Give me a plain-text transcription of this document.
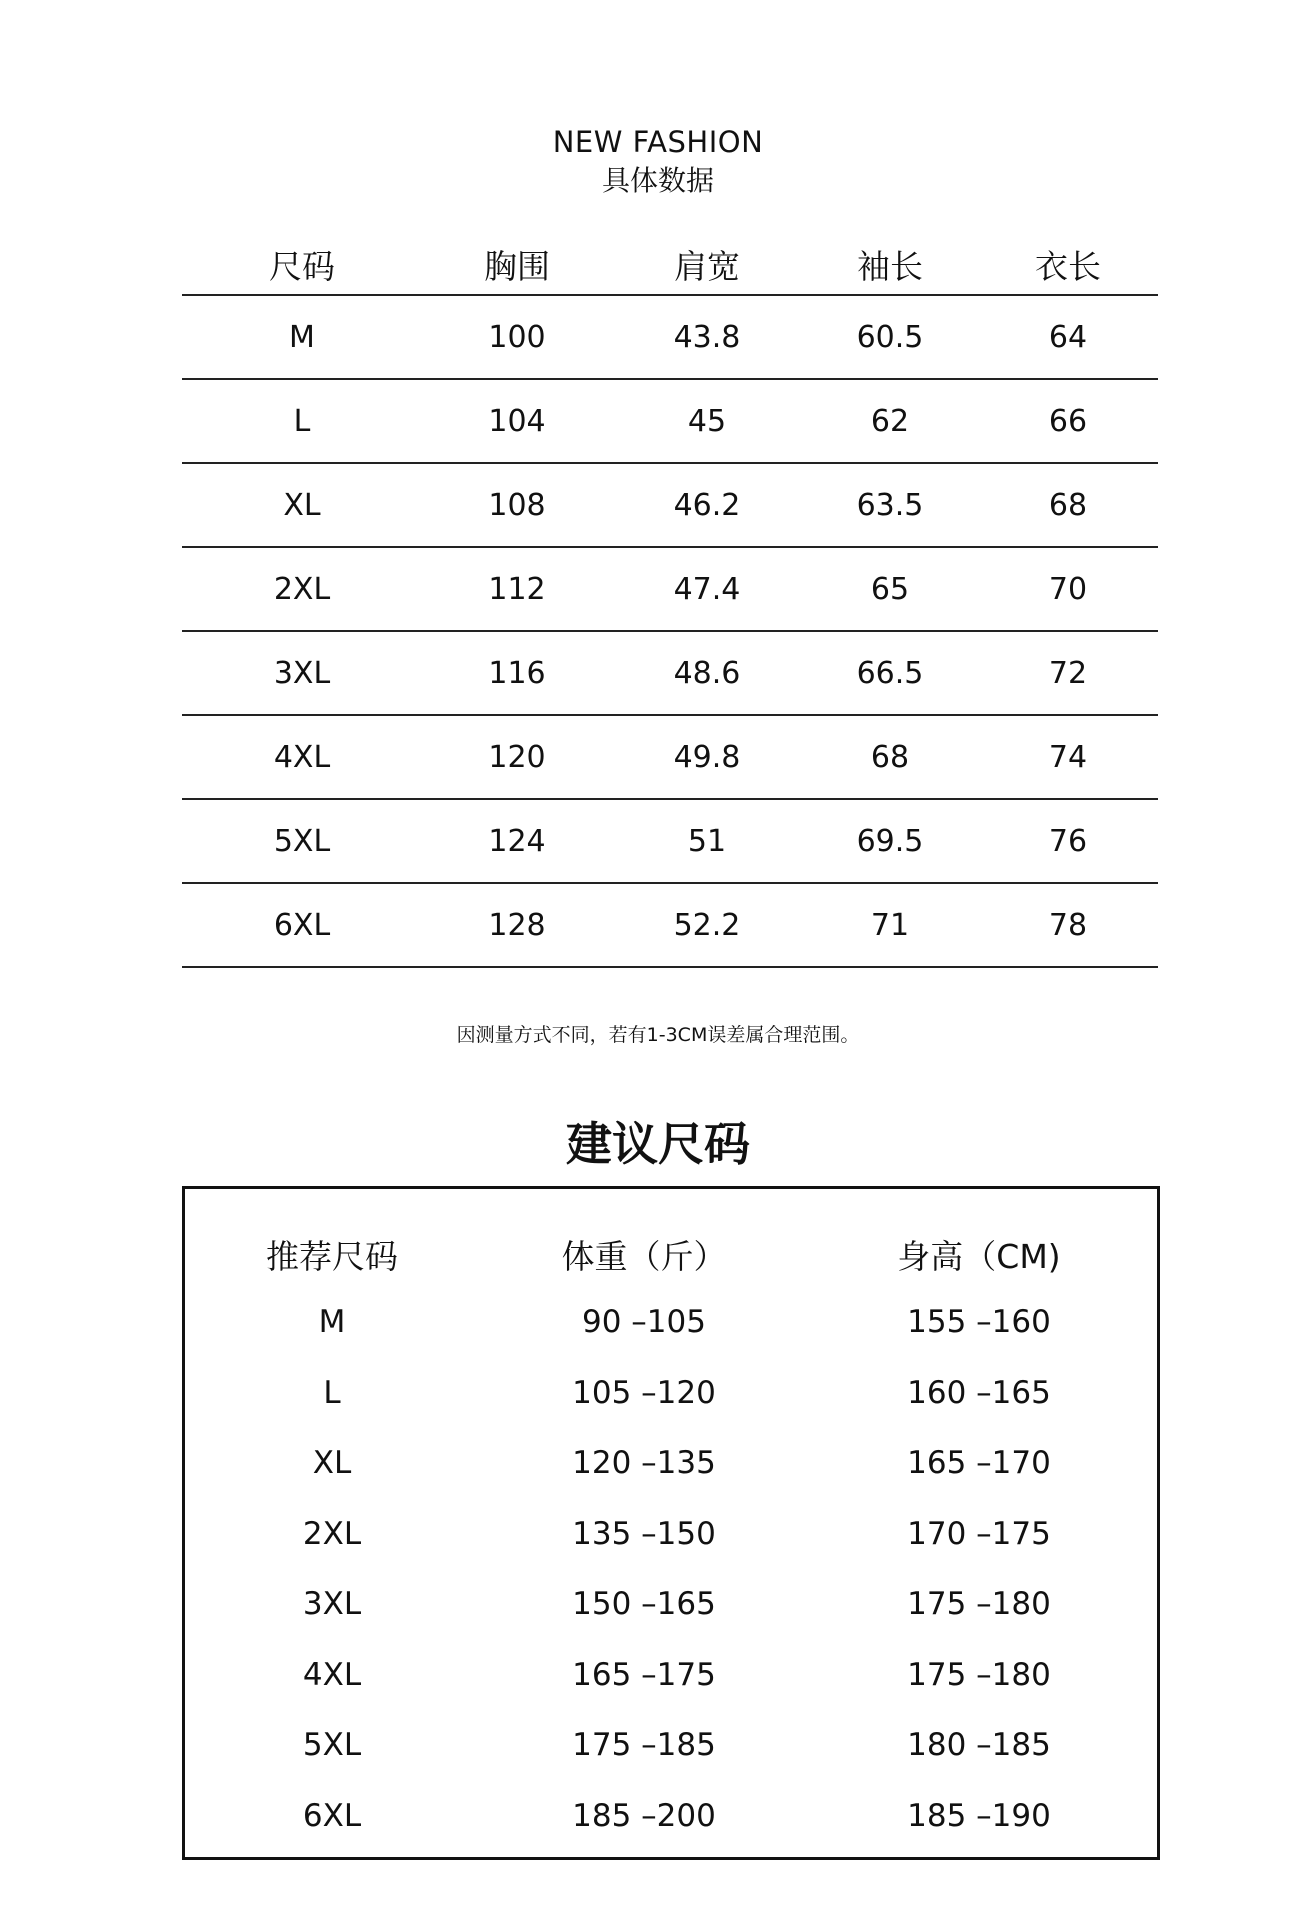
NEW FASHION
具体数据
尺码	胸围	肩宽	袖长	衣长
M	100	43.8	60.5	64
L	104	45	62	66
XL	108	46.2	63.5	68
2XL	112	47.4	65	70
3XL	116	48.6	66.5	72
4XL	120	49.8	68	74
5XL	124	51	69.5	76
6XL	128	52.2	71	78
因测量方式不同，若有1-3CM误差属合理范围。
建议尺码
推荐尺码	体重（斤）	身高（CM)
M	90 –105	155 –160
L	105 –120	160 –165
XL	120 –135	165 –170
2XL	135 –150	170 –175
3XL	150 –165	175 –180
4XL	165 –175	175 –180
5XL	175 –185	180 –185
6XL	185 –200	185 –190
